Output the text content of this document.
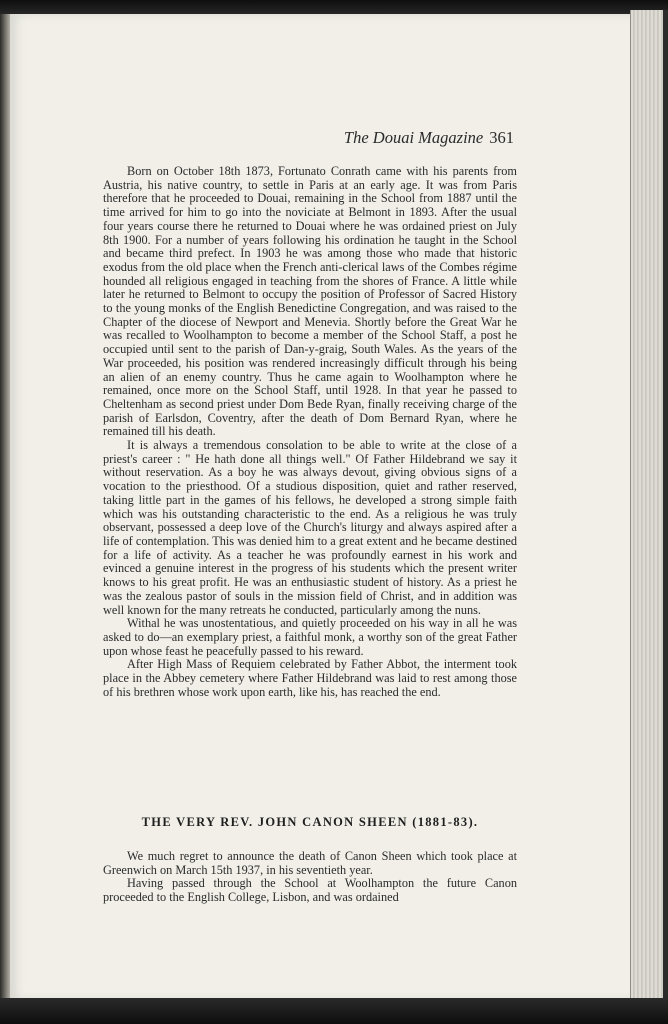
The Douai Magazine 361

Born on October 18th 1873, Fortunato Conrath came with his parents from Austria, his native country, to settle in Paris at an early age. It was from Paris therefore that he proceeded to Douai, remaining in the School from 1887 until the time arrived for him to go into the noviciate at Belmont in 1893. After the usual four years course there he returned to Douai where he was ordained priest on July 8th 1900. For a number of years following his ordination he taught in the School and became third prefect. In 1903 he was among those who made that historic exodus from the old place when the French anti-clerical laws of the Combes régime hounded all religious engaged in teaching from the shores of France. A little while later he returned to Belmont to occupy the position of Professor of Sacred History to the young monks of the English Benedictine Congregation, and was raised to the Chapter of the diocese of Newport and Menevia. Shortly before the Great War he was recalled to Woolhampton to become a member of the School Staff, a post he occupied until sent to the parish of Dan-y-graig, South Wales. As the years of the War proceeded, his position was rendered increasingly difficult through his being an alien of an enemy country. Thus he came again to Woolhampton where he remained, once more on the School Staff, until 1928. In that year he passed to Cheltenham as second priest under Dom Bede Ryan, finally receiving charge of the parish of Earlsdon, Coventry, after the death of Dom Bernard Ryan, where he remained till his death.

It is always a tremendous consolation to be able to write at the close of a priest's career : " He hath done all things well." Of Father Hildebrand we say it without reservation. As a boy he was always devout, giving obvious signs of a vocation to the priesthood. Of a studious disposition, quiet and rather reserved, taking little part in the games of his fellows, he developed a strong simple faith which was his outstanding characteristic to the end. As a religious he was truly observant, possessed a deep love of the Church's liturgy and always aspired after a life of contemplation. This was denied him to a great extent and he became destined for a life of activity. As a teacher he was profoundly earnest in his work and evinced a genuine interest in the progress of his students which the present writer knows to his great profit. He was an enthusiastic student of history. As a priest he was the zealous pastor of souls in the mission field of Christ, and in addition was well known for the many retreats he conducted, particularly among the nuns.

Withal he was unostentatious, and quietly proceeded on his way in all he was asked to do—an exemplary priest, a faithful monk, a worthy son of the great Father upon whose feast he peacefully passed to his reward.

After High Mass of Requiem celebrated by Father Abbot, the interment took place in the Abbey cemetery where Father Hildebrand was laid to rest among those of his brethren whose work upon earth, like his, has reached the end.

THE VERY REV. JOHN CANON SHEEN (1881-83).

We much regret to announce the death of Canon Sheen which took place at Greenwich on March 15th 1937, in his seventieth year.

Having passed through the School at Woolhampton the future Canon proceeded to the English College, Lisbon, and was ordained
